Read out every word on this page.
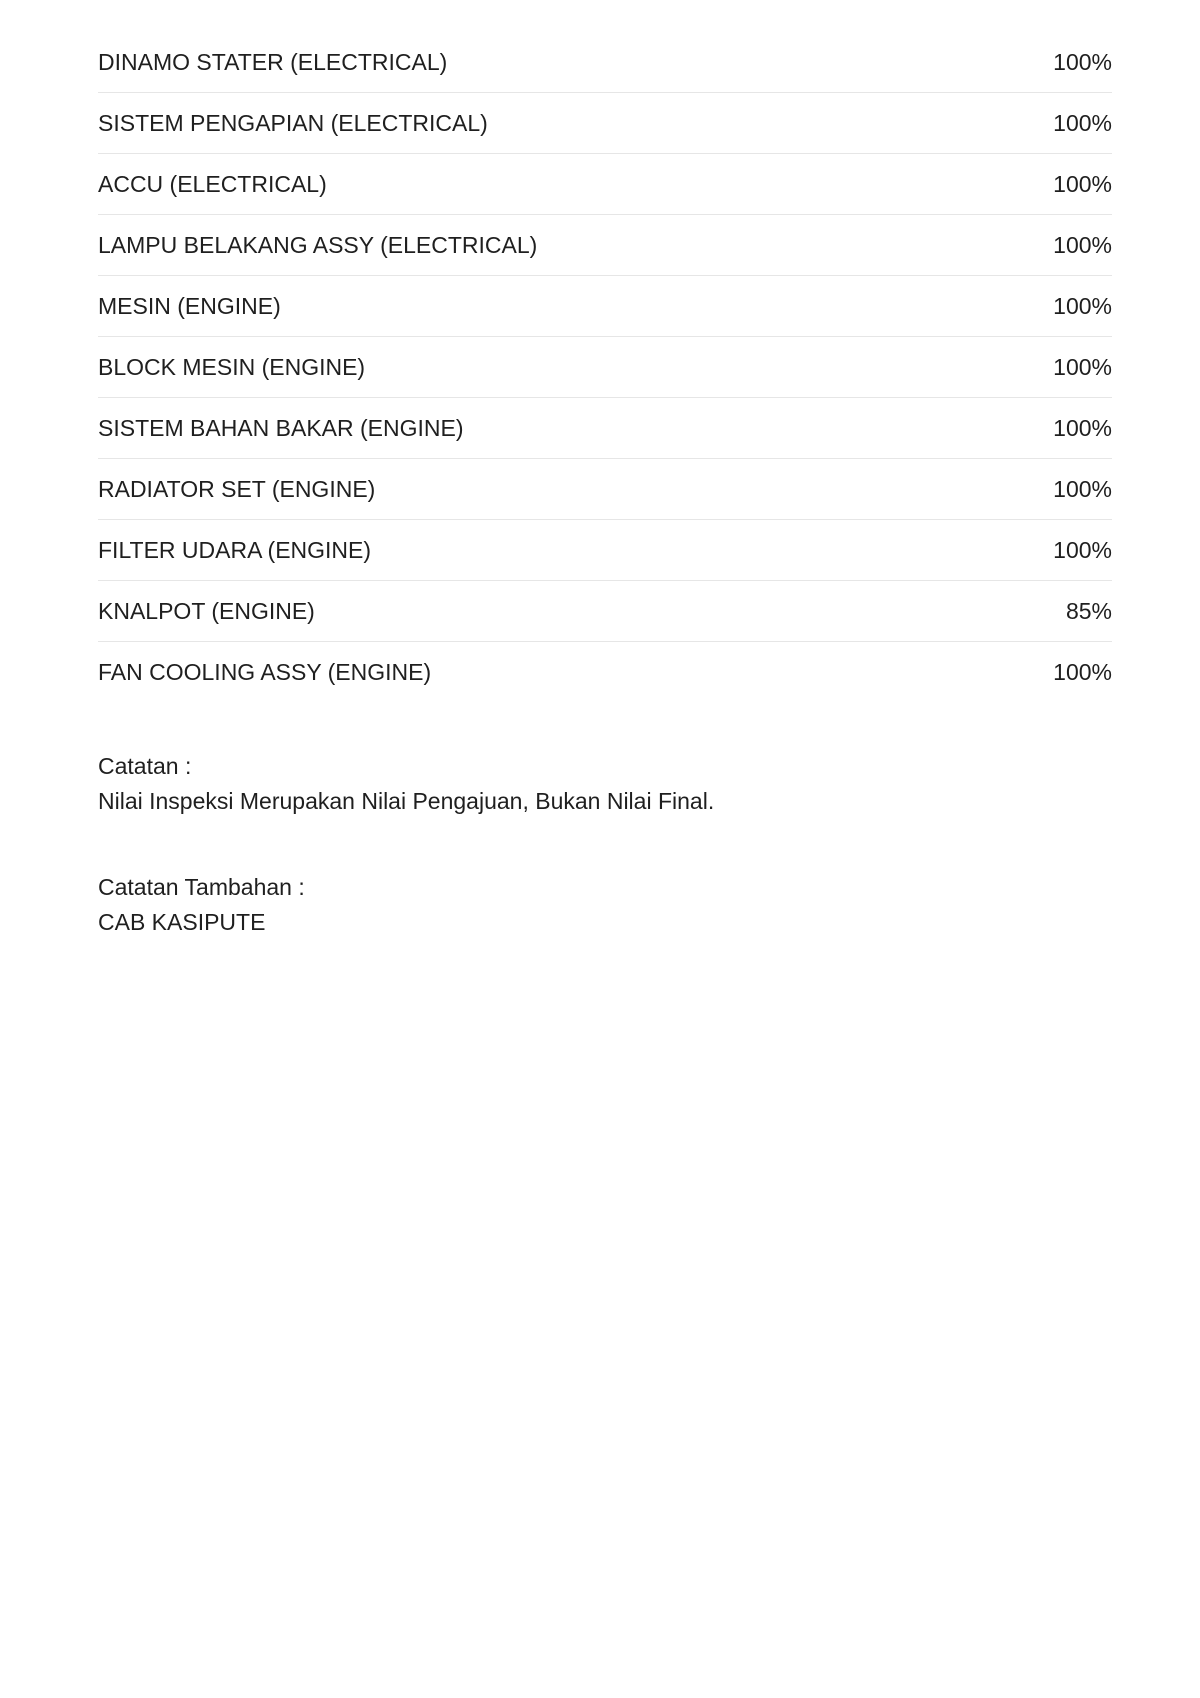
DINAMO STATER (ELECTRICAL)	100%
SISTEM PENGAPIAN (ELECTRICAL)	100%
ACCU (ELECTRICAL)	100%
LAMPU BELAKANG ASSY (ELECTRICAL)	100%
MESIN (ENGINE)	100%
BLOCK MESIN (ENGINE)	100%
SISTEM BAHAN BAKAR (ENGINE)	100%
RADIATOR SET (ENGINE)	100%
FILTER UDARA (ENGINE)	100%
KNALPOT (ENGINE)	85%
FAN COOLING ASSY (ENGINE)	100%
Catatan :
Nilai Inspeksi Merupakan Nilai Pengajuan, Bukan Nilai Final.
Catatan Tambahan :
CAB KASIPUTE
